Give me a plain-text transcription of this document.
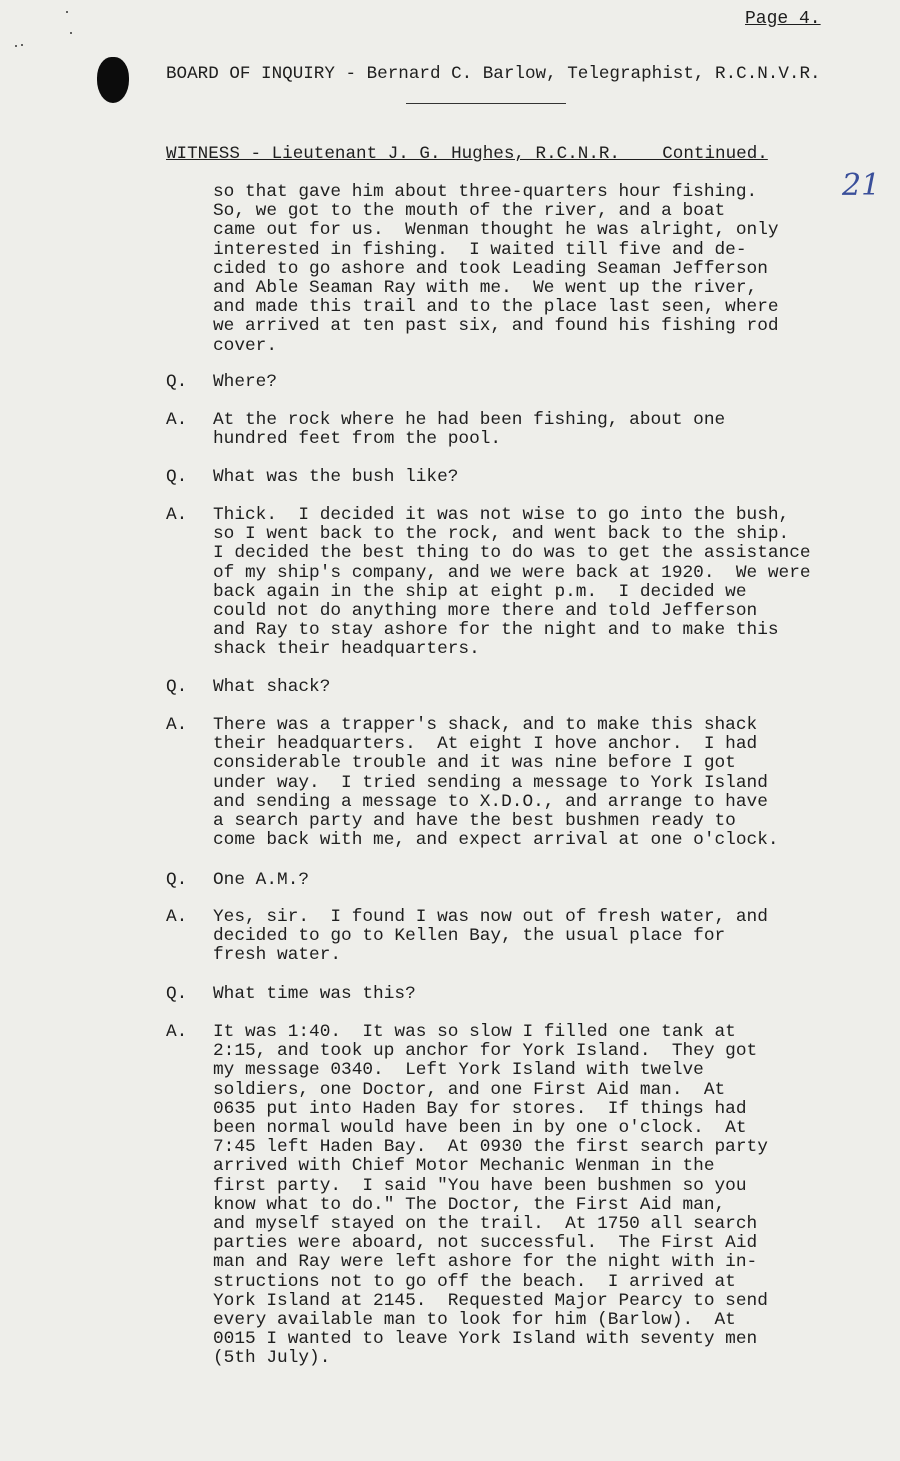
Page 4.
BOARD OF INQUIRY - Bernard C. Barlow, Telegraphist, R.C.N.V.R.
WITNESS - Lieutenant J. G. Hughes, R.C.N.R.    Continued.
21
so that gave him about three-quarters hour fishing.
So, we got to the mouth of the river, and a boat
came out for us.  Wenman thought he was alright, only
interested in fishing.  I waited till five and de-
cided to go ashore and took Leading Seaman Jefferson
and Able Seaman Ray with me.  We went up the river,
and made this trail and to the place last seen, where
we arrived at ten past six, and found his fishing rod
cover.
Q. Where?
A. At the rock where he had been fishing, about one
hundred feet from the pool.
Q. What was the bush like?
A. Thick.  I decided it was not wise to go into the bush,
so I went back to the rock, and went back to the ship.
I decided the best thing to do was to get the assistance
of my ship's company, and we were back at 1920.  We were
back again in the ship at eight p.m.  I decided we
could not do anything more there and told Jefferson
and Ray to stay ashore for the night and to make this
shack their headquarters.
Q. What shack?
A. There was a trapper's shack, and to make this shack
their headquarters.  At eight I hove anchor.  I had
considerable trouble and it was nine before I got
under way.  I tried sending a message to York Island
and sending a message to X.D.O., and arrange to have
a search party and have the best bushmen ready to
come back with me, and expect arrival at one o'clock.
Q. One A.M.?
A. Yes, sir.  I found I was now out of fresh water, and
decided to go to Kellen Bay, the usual place for
fresh water.
Q. What time was this?
A. It was 1:40.  It was so slow I filled one tank at
2:15, and took up anchor for York Island.  They got
my message 0340.  Left York Island with twelve
soldiers, one Doctor, and one First Aid man.  At
0635 put into Haden Bay for stores.  If things had
been normal would have been in by one o'clock.  At
7:45 left Haden Bay.  At 0930 the first search party
arrived with Chief Motor Mechanic Wenman in the
first party.  I said "You have been bushmen so you
know what to do." The Doctor, the First Aid man,
and myself stayed on the trail.  At 1750 all search
parties were aboard, not successful.  The First Aid
man and Ray were left ashore for the night with in-
structions not to go off the beach.  I arrived at
York Island at 2145.  Requested Major Pearcy to send
every available man to look for him (Barlow).  At
0015 I wanted to leave York Island with seventy men
(5th July).
